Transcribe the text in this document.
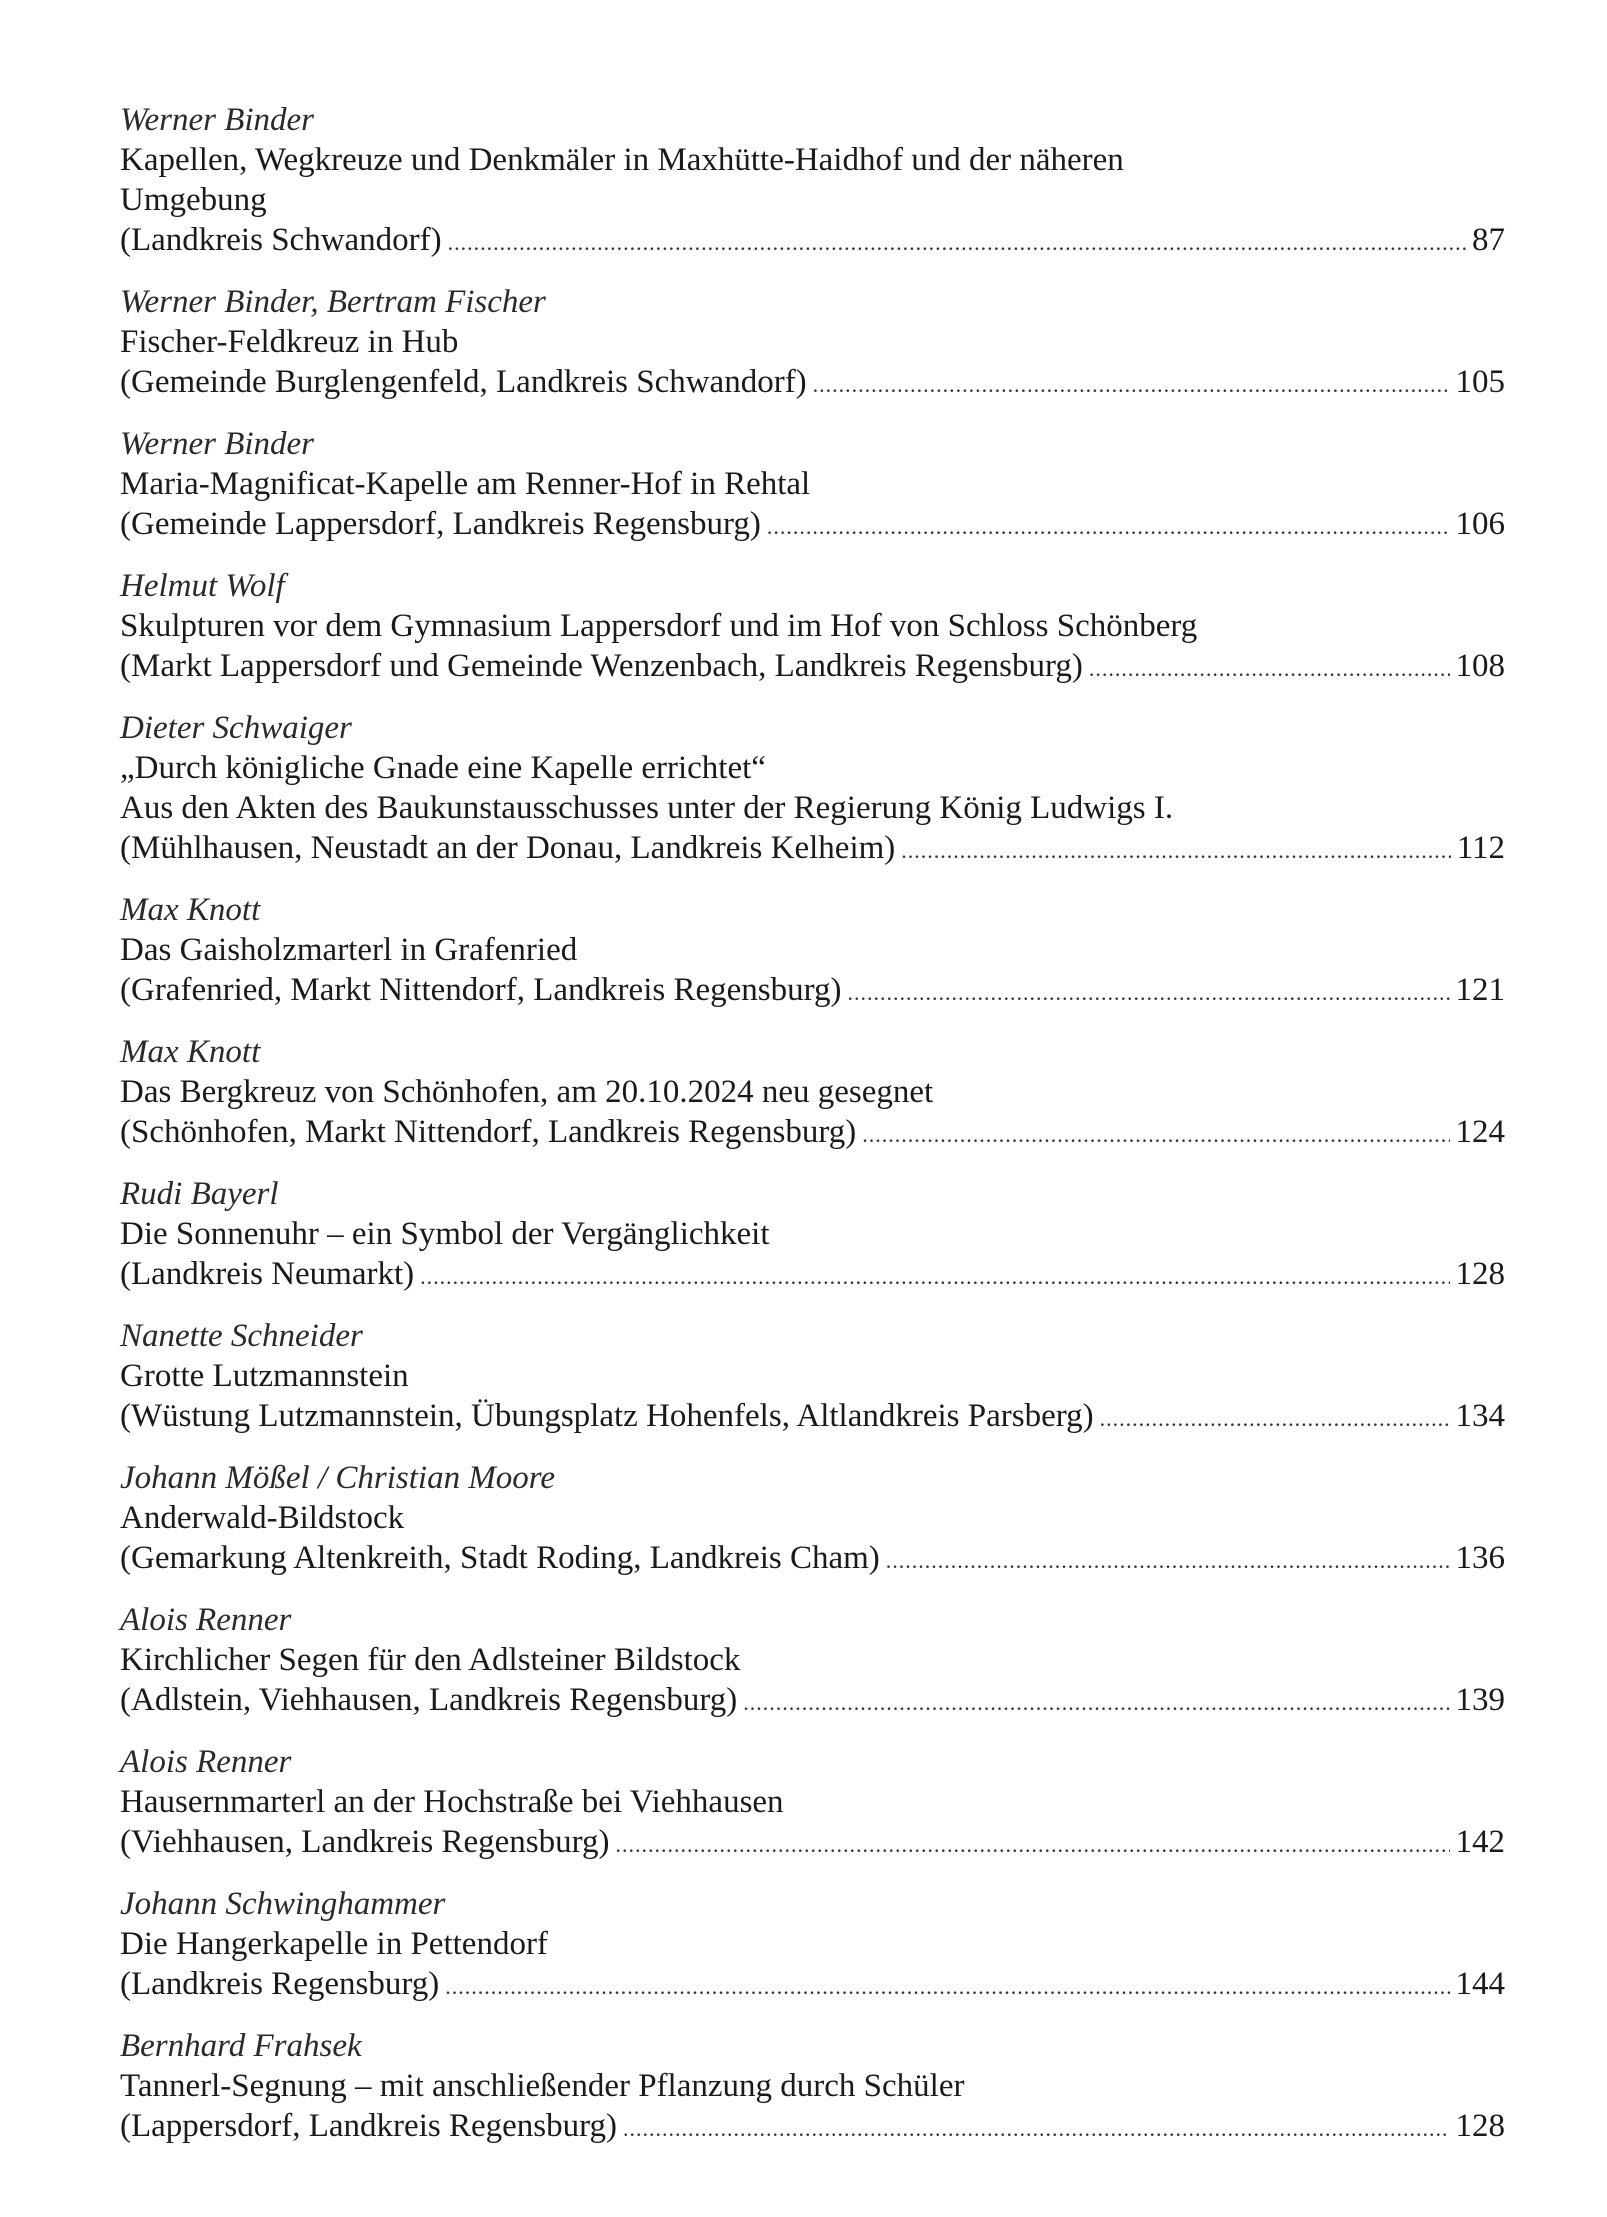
Werner Binder
Kapellen, Wegkreuze und Denkmäler in Maxhütte-Haidhof und der näheren
Umgebung
(Landkreis Schwandorf) .....	87
Werner Binder, Bertram Fischer
Fischer-Feldkreuz in Hub
(Gemeinde Burglengenfeld, Landkreis Schwandorf) .....	105
Werner Binder
Maria-Magnificat-Kapelle am Renner-Hof in Rehtal
(Gemeinde Lappersdorf, Landkreis Regensburg) .....	106
Helmut Wolf
Skulpturen vor dem Gymnasium Lappersdorf und im Hof von Schloss Schönberg
(Markt Lappersdorf und Gemeinde Wenzenbach, Landkreis Regensburg) .....	108
Dieter Schwaiger
„Durch königliche Gnade eine Kapelle errichtet“
Aus den Akten des Baukunstausschusses unter der Regierung König Ludwigs I.
(Mühlhausen, Neustadt an der Donau, Landkreis Kelheim) .....	112
Max Knott
Das Gaisholzmarterl in Grafenried
(Grafenried, Markt Nittendorf, Landkreis Regensburg) .....	121
Max Knott
Das Bergkreuz von Schönhofen, am 20.10.2024 neu gesegnet
(Schönhofen, Markt Nittendorf, Landkreis Regensburg) .....	124
Rudi Bayerl
Die Sonnenuhr – ein Symbol der Vergänglichkeit
(Landkreis Neumarkt) .....	128
Nanette Schneider
Grotte Lutzmannstein
(Wüstung Lutzmannstein, Übungsplatz Hohenfels, Altlandkreis Parsberg) .....	134
Johann Mößel / Christian Moore
Anderwald-Bildstock
(Gemarkung Altenkreith, Stadt Roding, Landkreis Cham) .....	136
Alois Renner
Kirchlicher Segen für den Adlsteiner Bildstock
(Adlstein, Viehhausen, Landkreis Regensburg) .....	139
Alois Renner
Hausernmarterl an der Hochstraße bei Viehhausen
(Viehhausen, Landkreis Regensburg) .....	142
Johann Schwinghammer
Die Hangerkapelle in Pettendorf
(Landkreis Regensburg) .....	144
Bernhard Frahsek
Tannerl-Segnung – mit anschließender Pflanzung durch Schüler
(Lappersdorf, Landkreis Regensburg) .....	128
